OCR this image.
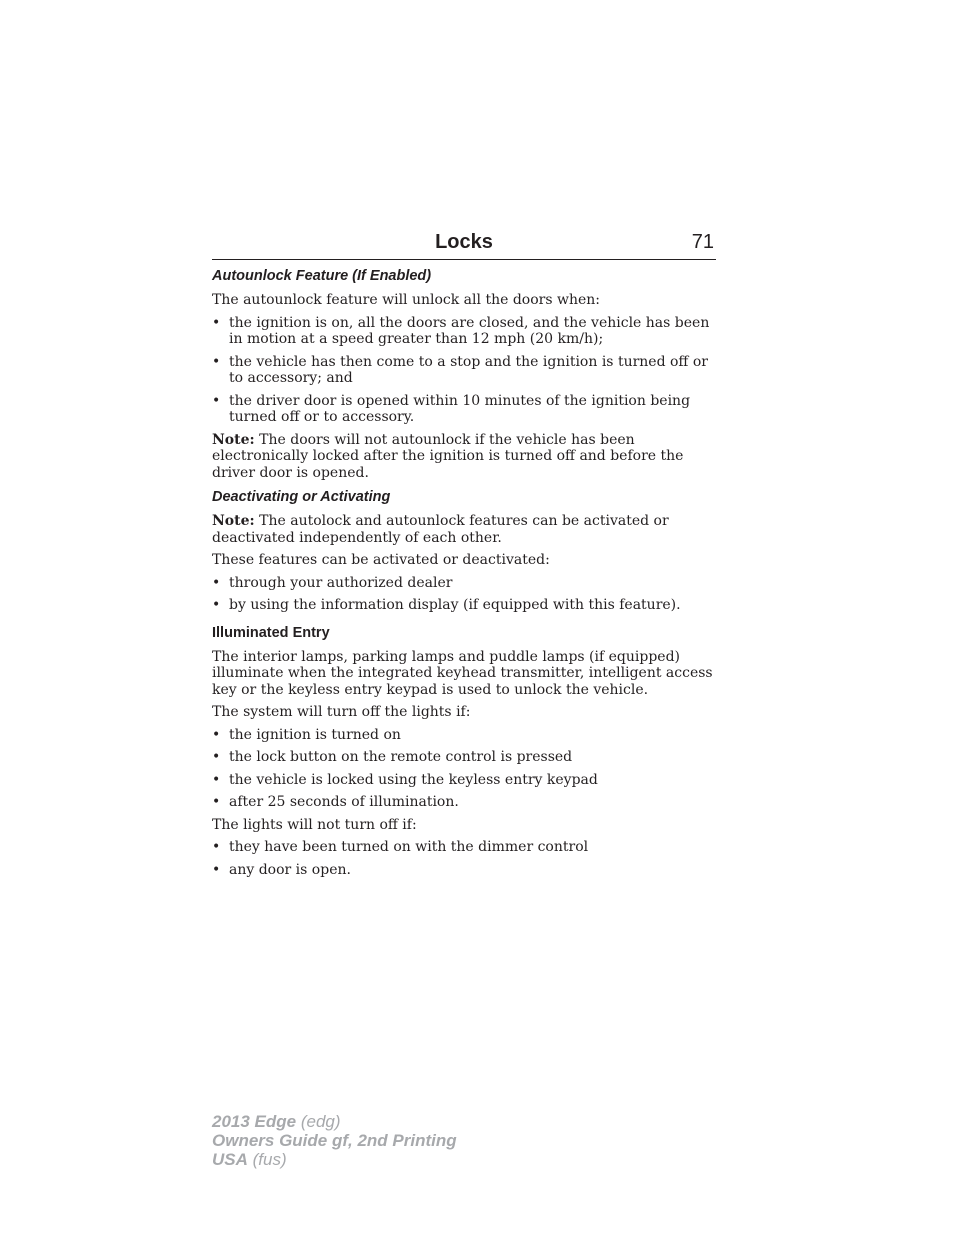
Locks	71
Autounlock Feature (If Enabled)

The autounlock feature will unlock all the doors when:

• the ignition is on, all the doors are closed, and the vehicle has been in motion at a speed greater than 12 mph (20 km/h);
• the vehicle has then come to a stop and the ignition is turned off or to accessory; and
• the driver door is opened within 10 minutes of the ignition being turned off or to accessory.

Note: The doors will not autounlock if the vehicle has been electronically locked after the ignition is turned off and before the driver door is opened.

Deactivating or Activating

Note: The autolock and autounlock features can be activated or deactivated independently of each other.

These features can be activated or deactivated:

• through your authorized dealer
• by using the information display (if equipped with this feature).
Illuminated Entry

The interior lamps, parking lamps and puddle lamps (if equipped) illuminate when the integrated keyhead transmitter, intelligent access key or the keyless entry keypad is used to unlock the vehicle.

The system will turn off the lights if:

• the ignition is turned on
• the lock button on the remote control is pressed
• the vehicle is locked using the keyless entry keypad
• after 25 seconds of illumination.

The lights will not turn off if:

• they have been turned on with the dimmer control
• any door is open.
2013 Edge (edg)
Owners Guide gf, 2nd Printing
USA (fus)
